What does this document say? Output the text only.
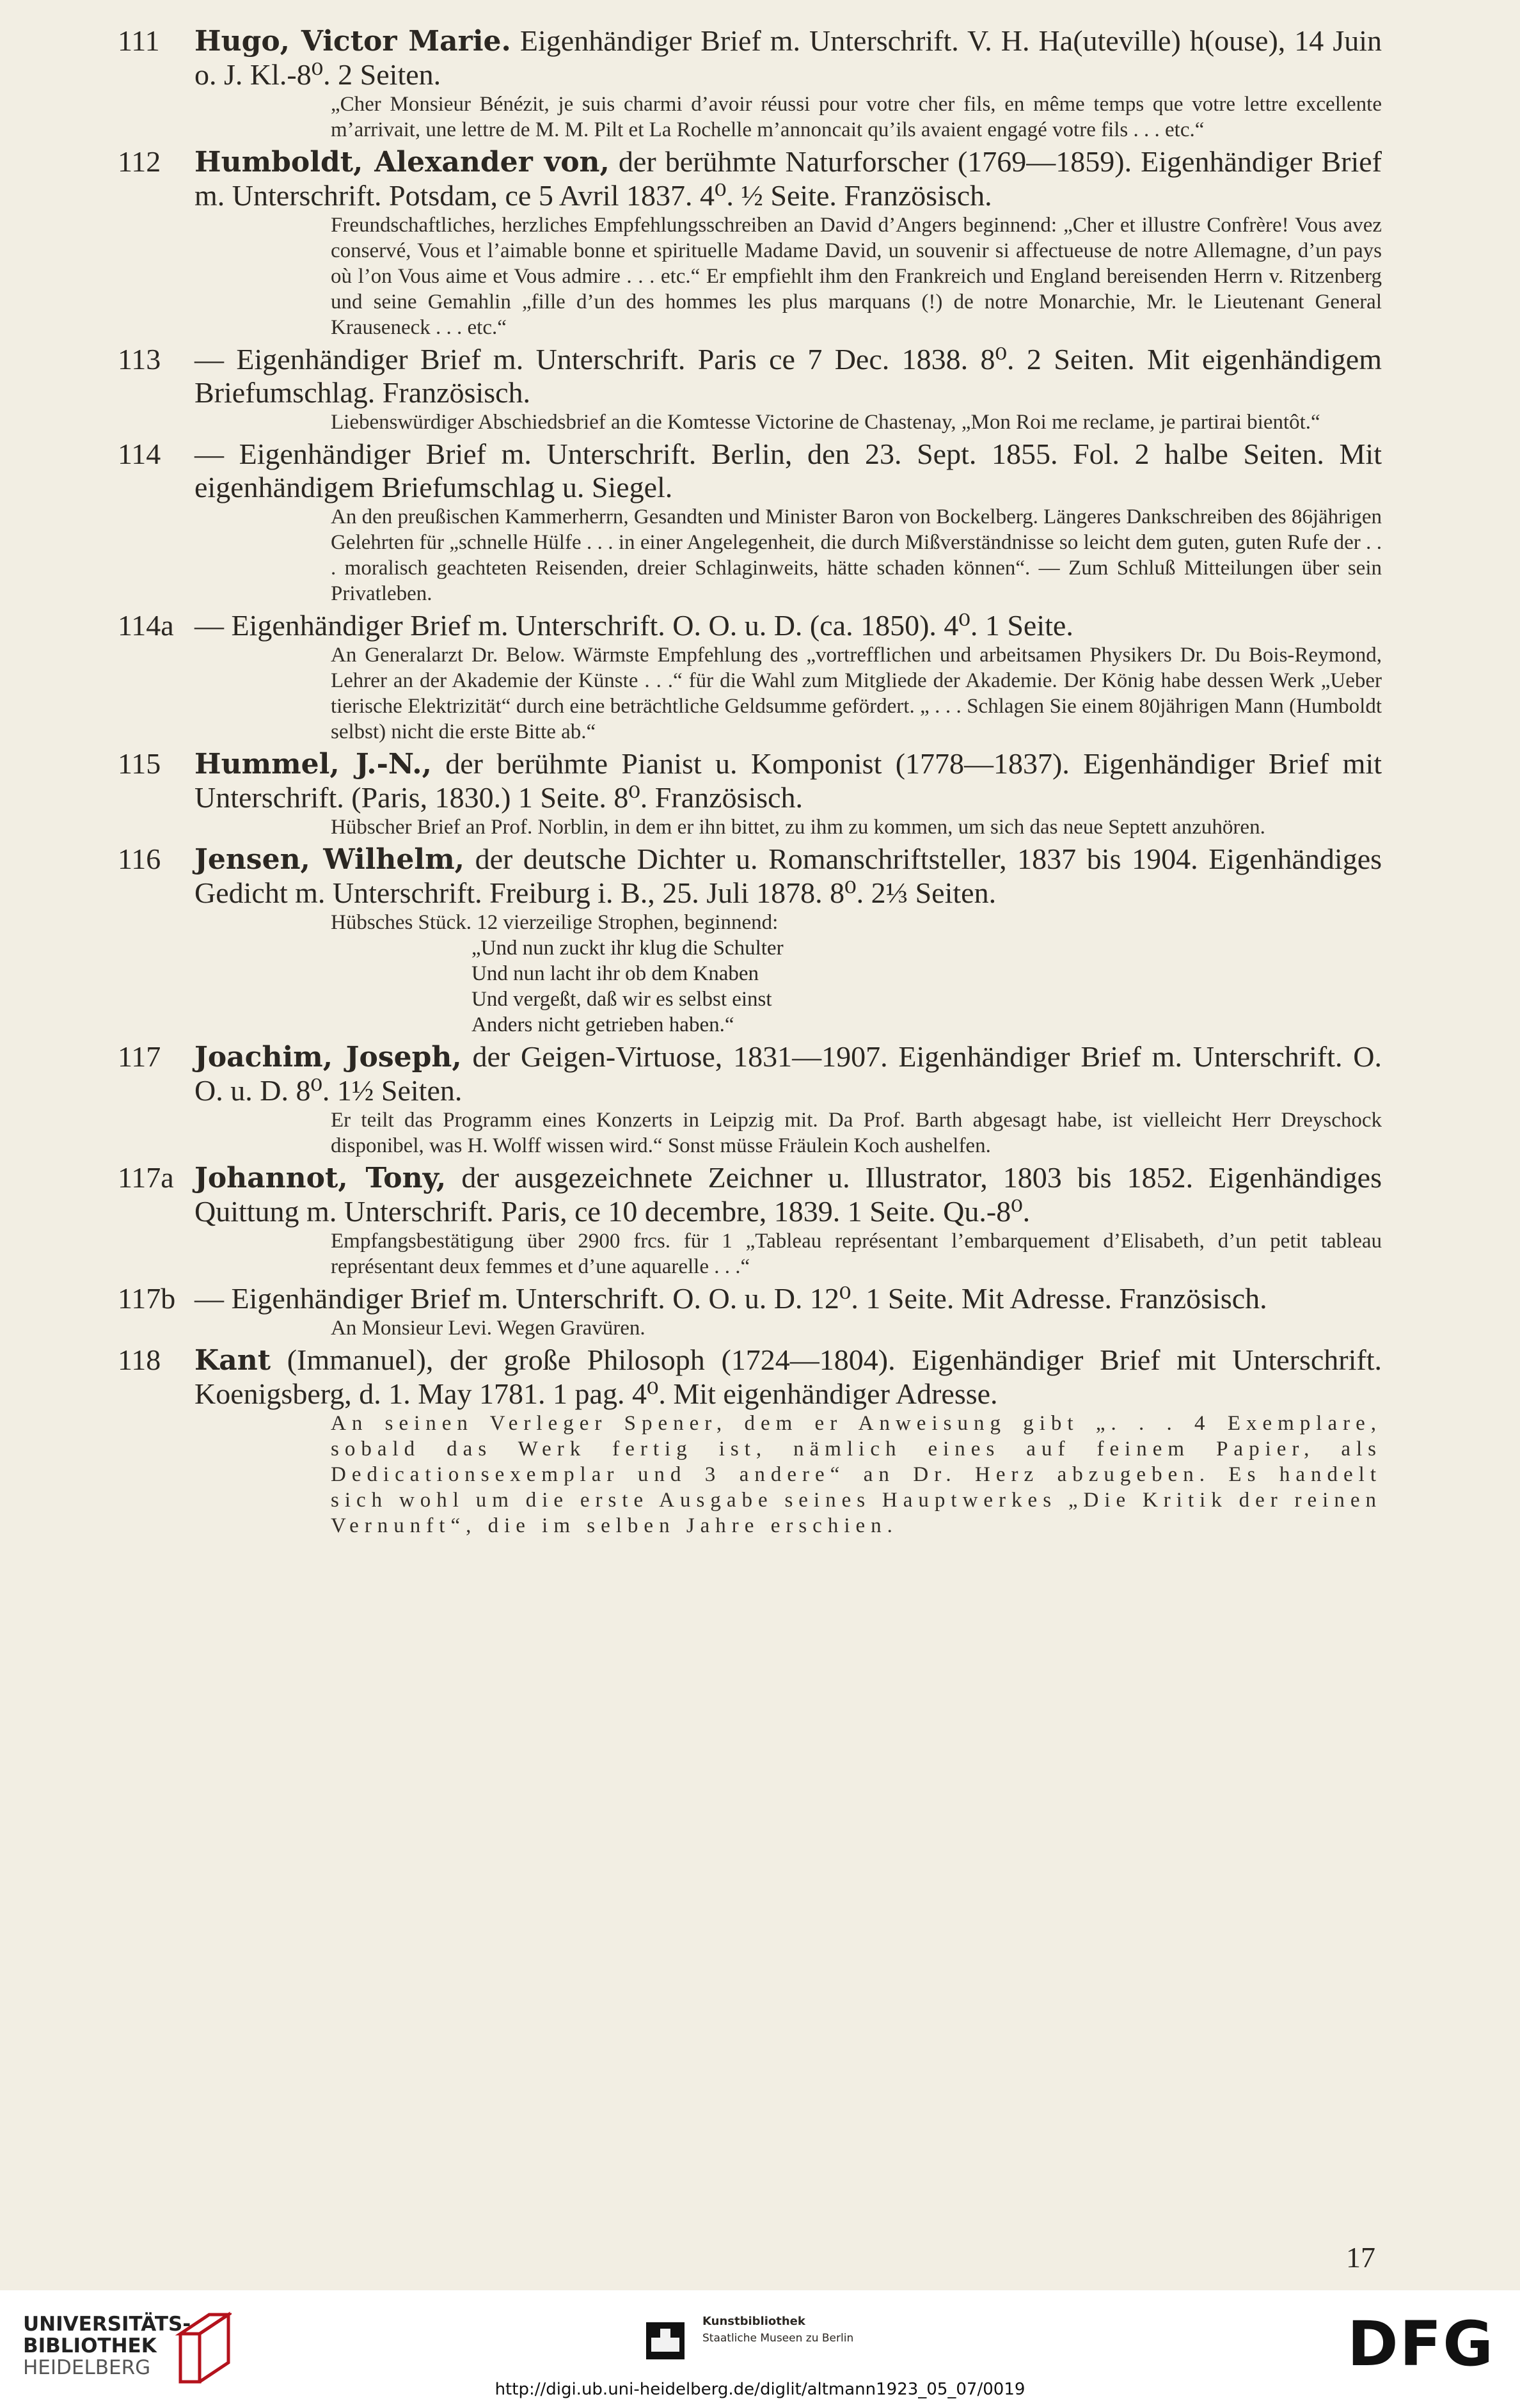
111 Hugo, Victor Marie. Eigenhändiger Brief m. Unterschrift. V. H. Ha(uteville) h(ouse), 14 Juin o. J. Kl.-8⁰. 2 Seiten.
„Cher Monsieur Bénézit, je suis charmi d’avoir réussi pour votre cher fils, en même temps que votre lettre excellente m’arrivait, une lettre de M. M. Pilt et La Rochelle m’annoncait qu’ils avaient engagé votre fils . . . etc.“
112 Humboldt, Alexander von, der berühmte Naturforscher (1769—1859). Eigenhändiger Brief m. Unterschrift. Potsdam, ce 5 Avril 1837. 4⁰. ½ Seite. Französisch.
Freundschaftliches, herzliches Empfehlungsschreiben an David d’Angers beginnend: „Cher et illustre Confrère! Vous avez conservé, Vous et l’aimable bonne et spirituelle Madame David, un souvenir si affectueuse de notre Allemagne, d’un pays où l’on Vous aime et Vous admire . . . etc.“ Er empfiehlt ihm den Frankreich und England bereisenden Herrn v. Ritzenberg und seine Gemahlin „fille d’un des hommes les plus marquans (!) de notre Monarchie, Mr. le Lieutenant General Krauseneck . . . etc.“
113 — Eigenhändiger Brief m. Unterschrift. Paris ce 7 Dec. 1838. 8⁰. 2 Seiten. Mit eigenhändigem Briefumschlag. Französisch.
Liebenswürdiger Abschiedsbrief an die Komtesse Victorine de Chastenay, „Mon Roi me reclame, je partirai bientôt.“
114 — Eigenhändiger Brief m. Unterschrift. Berlin, den 23. Sept. 1855. Fol. 2 halbe Seiten. Mit eigenhändigem Briefumschlag u. Siegel.
An den preußischen Kammerherrn, Gesandten und Minister Baron von Bockelberg. Längeres Dankschreiben des 86jährigen Gelehrten für „schnelle Hülfe . . . in einer Angelegenheit, die durch Mißverständnisse so leicht dem guten, guten Rufe der . . . moralisch geachteten Reisenden, dreier Schlaginweits, hätte schaden können“. — Zum Schluß Mitteilungen über sein Privatleben.
114a — Eigenhändiger Brief m. Unterschrift. O. O. u. D. (ca. 1850). 4⁰. 1 Seite.
An Generalarzt Dr. Below. Wärmste Empfehlung des „vortrefflichen und arbeitsamen Physikers Dr. Du Bois-Reymond, Lehrer an der Akademie der Künste . . .“ für die Wahl zum Mitgliede der Akademie. Der König habe dessen Werk „Ueber tierische Elektrizität“ durch eine beträchtliche Geldsumme gefördert. „ . . . Schlagen Sie einem 80jährigen Mann (Humboldt selbst) nicht die erste Bitte ab.“
115 Hummel, J.-N., der berühmte Pianist u. Komponist (1778—1837). Eigenhändiger Brief mit Unterschrift. (Paris, 1830.) 1 Seite. 8⁰. Französisch.
Hübscher Brief an Prof. Norblin, in dem er ihn bittet, zu ihm zu kommen, um sich das neue Septett anzuhören.
116 Jensen, Wilhelm, der deutsche Dichter u. Romanschriftsteller, 1837 bis 1904. Eigenhändiges Gedicht m. Unterschrift. Freiburg i. B., 25. Juli 1878. 8⁰. 2⅓ Seiten.
Hübsches Stück. 12 vierzeilige Strophen, beginnend:
„Und nun zuckt ihr klug die Schulter
Und nun lacht ihr ob dem Knaben
Und vergeßt, daß wir es selbst einst
Anders nicht getrieben haben.“
117 Joachim, Joseph, der Geigen-Virtuose, 1831—1907. Eigenhändiger Brief m. Unterschrift. O. O. u. D. 8⁰. 1½ Seiten.
Er teilt das Programm eines Konzerts in Leipzig mit. Da Prof. Barth abgesagt habe, ist vielleicht Herr Dreyschock disponibel, was H. Wolff wissen wird.“ Sonst müsse Fräulein Koch aushelfen.
117a Johannot, Tony, der ausgezeichnete Zeichner u. Illustrator, 1803 bis 1852. Eigenhändiges Quittung m. Unterschrift. Paris, ce 10 decembre, 1839. 1 Seite. Qu.-8⁰.
Empfangsbestätigung über 2900 frcs. für 1 „Tableau représentant l’embarquement d’Elisabeth, d’un petit tableau représentant deux femmes et d’une aquarelle . . .“
117b — Eigenhändiger Brief m. Unterschrift. O. O. u. D. 12⁰. 1 Seite. Mit Adresse. Französisch.
An Monsieur Levi. Wegen Gravüren.
118 Kant (Immanuel), der große Philosoph (1724—1804). Eigenhändiger Brief mit Unterschrift. Koenigsberg, d. 1. May 1781. 1 pag. 4⁰. Mit eigenhändiger Adresse.
An seinen Verleger Spener, dem er Anweisung gibt „. . . 4 Exemplare, sobald das Werk fertig ist, nämlich eines auf feinem Papier, als Dedicationsexemplar und 3 andere“ an Dr. Herz abzugeben. Es handelt sich wohl um die erste Ausgabe seines Hauptwerkes „Die Kritik der reinen Vernunft“, die im selben Jahre erschien.
17
UNIVERSITÄTS-
BIBLIOTHEK
HEIDELBERG
Kunstbibliothek
Staatliche Museen zu Berlin	DFG
http://digi.ub.uni-heidelberg.de/diglit/altmann1923_05_07/0019
